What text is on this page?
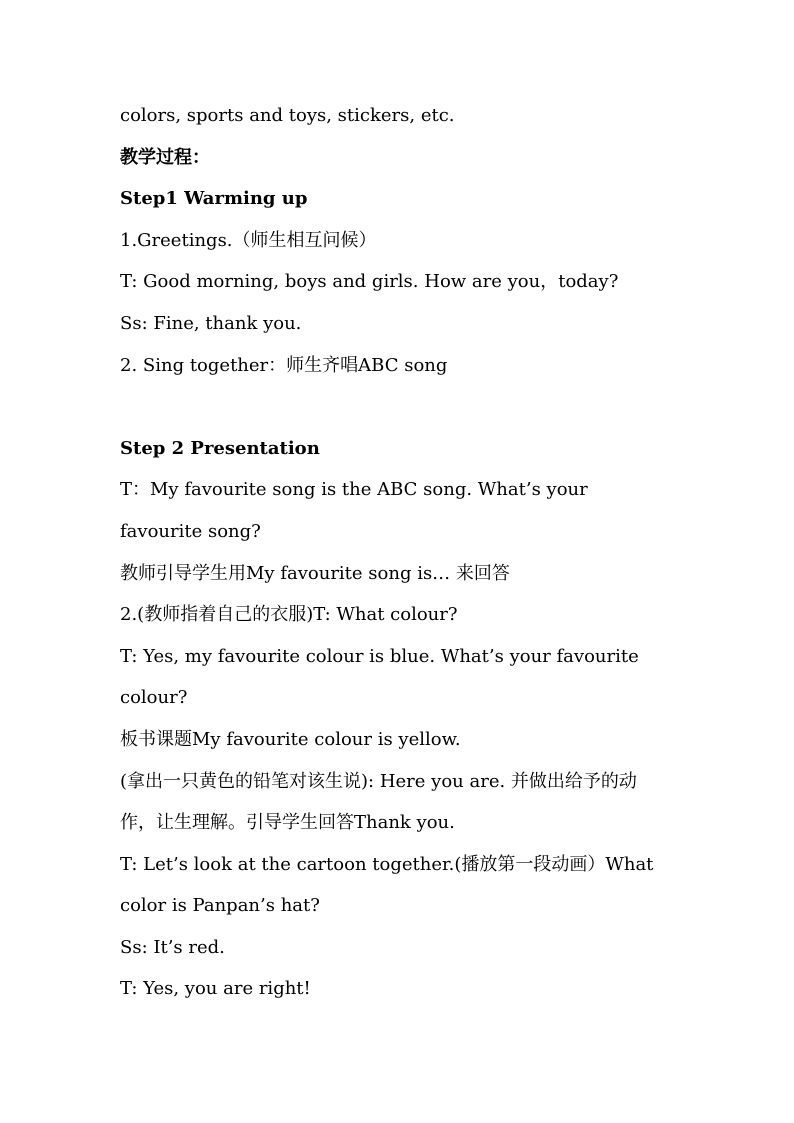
colors, sports and toys, stickers, etc.
教学过程：
Step1 Warming up
1.Greetings.（师生相互问候）
T: Good morning, boys and girls. How are you，today?
Ss: Fine, thank you.
2. Sing together：师生齐唱ABC song
Step 2 Presentation
T：My favourite song is the ABC song. What’s your
favourite song?
教师引导学生用My favourite song is… 来回答
2.(教师指着自己的衣服)T: What colour?
T: Yes, my favourite colour is blue. What’s your favourite
colour?
板书课题My favourite colour is yellow.
(拿出一只黄色的铅笔对该生说): Here you are. 并做出给予的动
作，让生理解。引导学生回答Thank you.
T: Let’s look at the cartoon together.(播放第一段动画）What
color is Panpan’s hat?
Ss: It’s red.
T: Yes, you are right!
